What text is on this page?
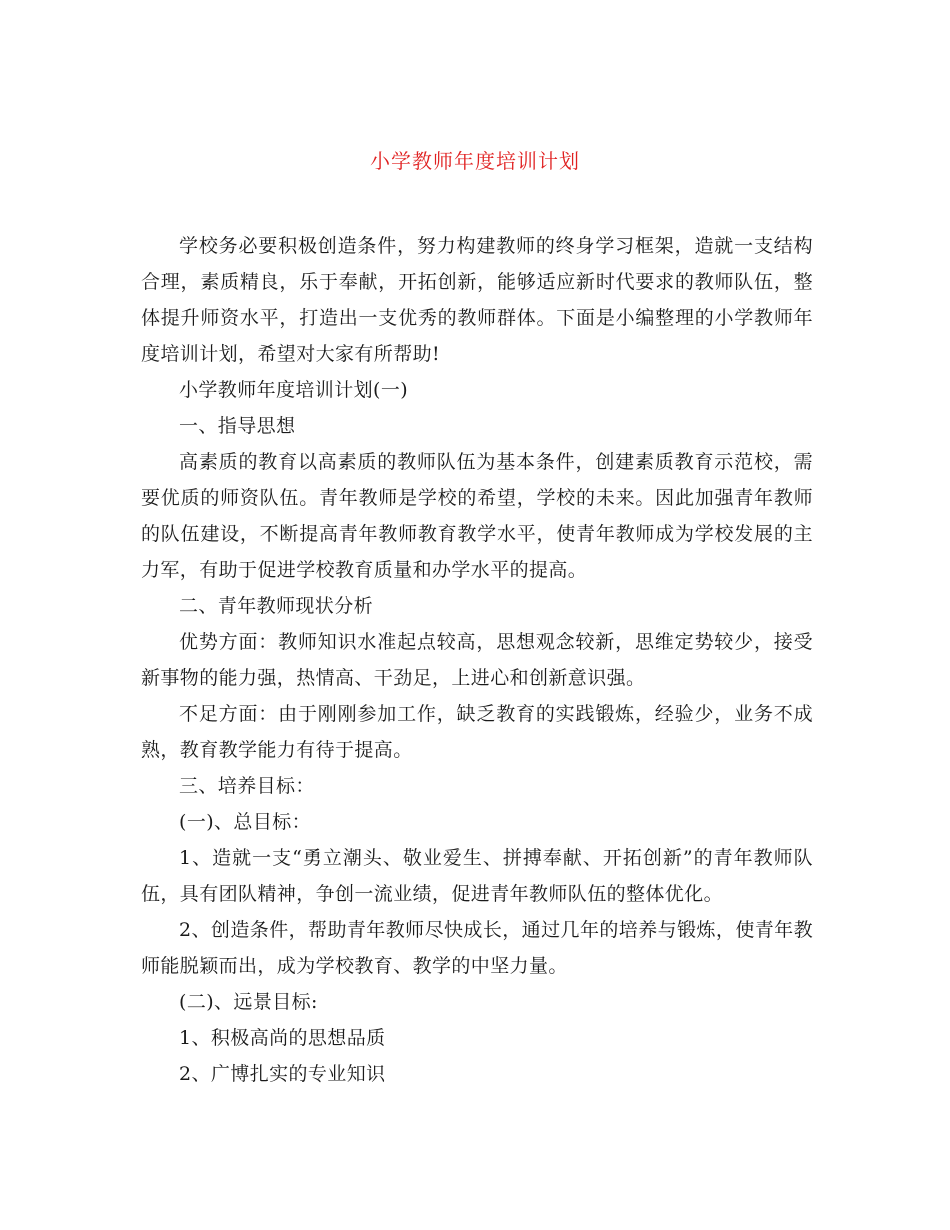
小学教师年度培训计划

学校务必要积极创造条件，努力构建教师的终身学习框架，造就一支结构合理，素质精良，乐于奉献，开拓创新，能够适应新时代要求的教师队伍，整体提升师资水平，打造出一支优秀的教师群体。下面是小编整理的小学教师年度培训计划，希望对大家有所帮助!

小学教师年度培训计划(一)

一、指导思想

高素质的教育以高素质的教师队伍为基本条件，创建素质教育示范校，需要优质的师资队伍。青年教师是学校的希望，学校的未来。因此加强青年教师的队伍建设，不断提高青年教师教育教学水平，使青年教师成为学校发展的主力军，有助于促进学校教育质量和办学水平的提高。

二、青年教师现状分析

优势方面：教师知识水准起点较高，思想观念较新，思维定势较少，接受新事物的能力强，热情高、干劲足，上进心和创新意识强。

不足方面：由于刚刚参加工作，缺乏教育的实践锻炼，经验少，业务不成熟，教育教学能力有待于提高。

三、培养目标：

(一)、总目标：

1、造就一支“勇立潮头、敬业爱生、拼搏奉献、开拓创新”的青年教师队伍，具有团队精神，争创一流业绩，促进青年教师队伍的整体优化。

2、创造条件，帮助青年教师尽快成长，通过几年的培养与锻炼，使青年教师能脱颖而出，成为学校教育、教学的中坚力量。

(二)、远景目标:

1、积极高尚的思想品质

2、广博扎实的专业知识
